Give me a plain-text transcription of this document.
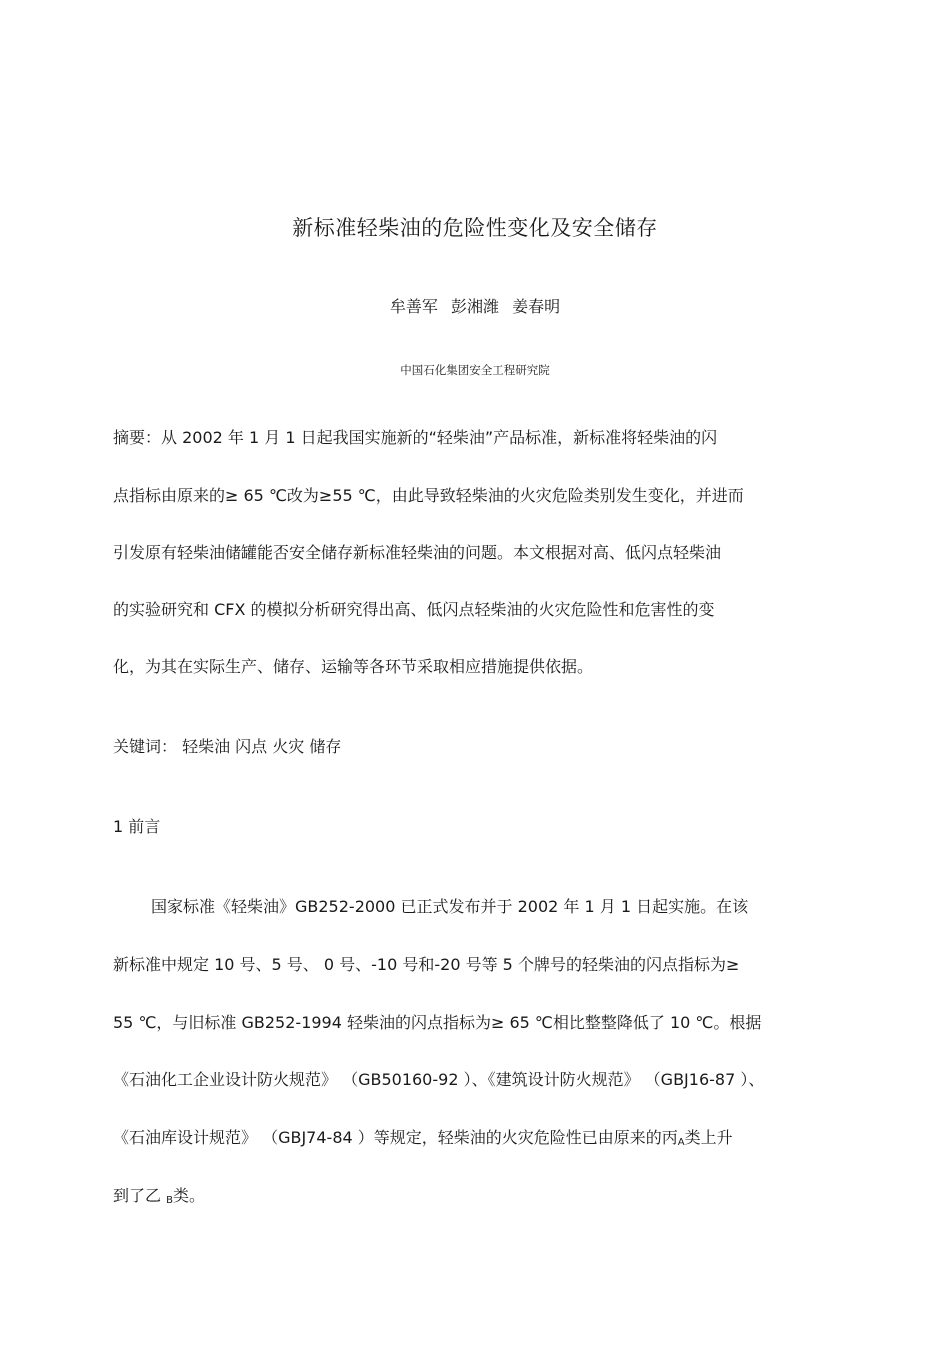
新标准轻柴油的危险性变化及安全储存
牟善军 彭湘潍 姜春明
中国石化集团安全工程研究院
摘要：从 2002 年 1 月 1 日起我国实施新的“轻柴油”产品标准，新标准将轻柴油的闪
点指标由原来的≥ 65 ℃改为≥55 ℃，由此导致轻柴油的火灾危险类别发生变化，并进而
引发原有轻柴油储罐能否安全储存新标准轻柴油的问题。本文根据对高、低闪点轻柴油
的实验研究和 CFX 的模拟分析研究得出高、低闪点轻柴油的火灾危险性和危害性的变
化，为其在实际生产、储存、运输等各环节采取相应措施提供依据。
关键词： 轻柴油 闪点 火灾 储存
1 前言
国家标准《轻柴油》GB252-2000 已正式发布并于 2002 年 1 月 1 日起实施。在该
新标准中规定 10 号、5 号、 0 号、-10 号和-20 号等 5 个牌号的轻柴油的闪点指标为≥
55 ℃，与旧标准 GB252-1994 轻柴油的闪点指标为≥ 65 ℃相比整整降低了 10 ℃。根据
《石油化工企业设计防火规范》 （GB50160-92 ）、《建筑设计防火规范》 （GBJ16-87 ）、
《石油库设计规范》 （GBJ74-84 ）等规定，轻柴油的火灾危险性已由原来的丙$_A$类上升
到了乙 $_B$类。
